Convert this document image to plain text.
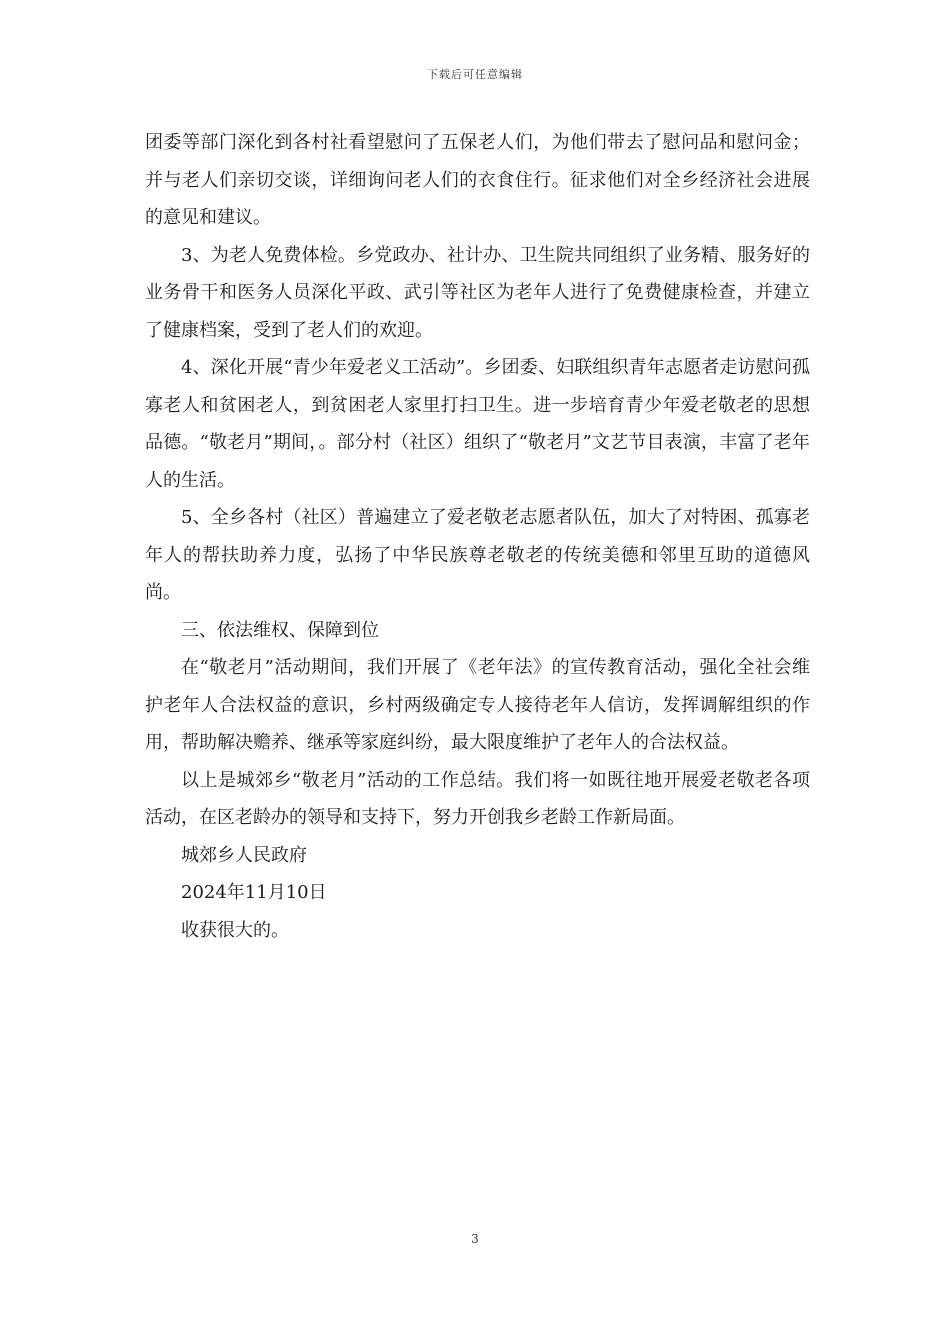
下载后可任意编辑

团委等部门深化到各村社看望慰问了五保老人们，为他们带去了慰问品和慰问金；并与老人们亲切交谈，详细询问老人们的衣食住行。征求他们对全乡经济社会进展的意见和建议。

3、为老人免费体检。乡党政办、社计办、卫生院共同组织了业务精、服务好的业务骨干和医务人员深化平政、武引等社区为老年人进行了免费健康检查，并建立了健康档案，受到了老人们的欢迎。

4、深化开展“青少年爱老义工活动”。乡团委、妇联组织青年志愿者走访慰问孤寡老人和贫困老人，到贫困老人家里打扫卫生。进一步培育青少年爱老敬老的思想品德。“敬老月”期间，。部分村（社区）组织了“敬老月”文艺节目表演，丰富了老年人的生活。

5、全乡各村（社区）普遍建立了爱老敬老志愿者队伍，加大了对特困、孤寡老年人的帮扶助养力度，弘扬了中华民族尊老敬老的传统美德和邻里互助的道德风尚。

三、依法维权、保障到位

在“敬老月”活动期间，我们开展了《老年法》的宣传教育活动，强化全社会维护老年人合法权益的意识，乡村两级确定专人接待老年人信访，发挥调解组织的作用，帮助解决赡养、继承等家庭纠纷，最大限度维护了老年人的合法权益。

以上是城郊乡“敬老月”活动的工作总结。我们将一如既往地开展爱老敬老各项活动，在区老龄办的领导和支持下，努力开创我乡老龄工作新局面。

城郊乡人民政府

2024年11月10日

收获很大的。

3
